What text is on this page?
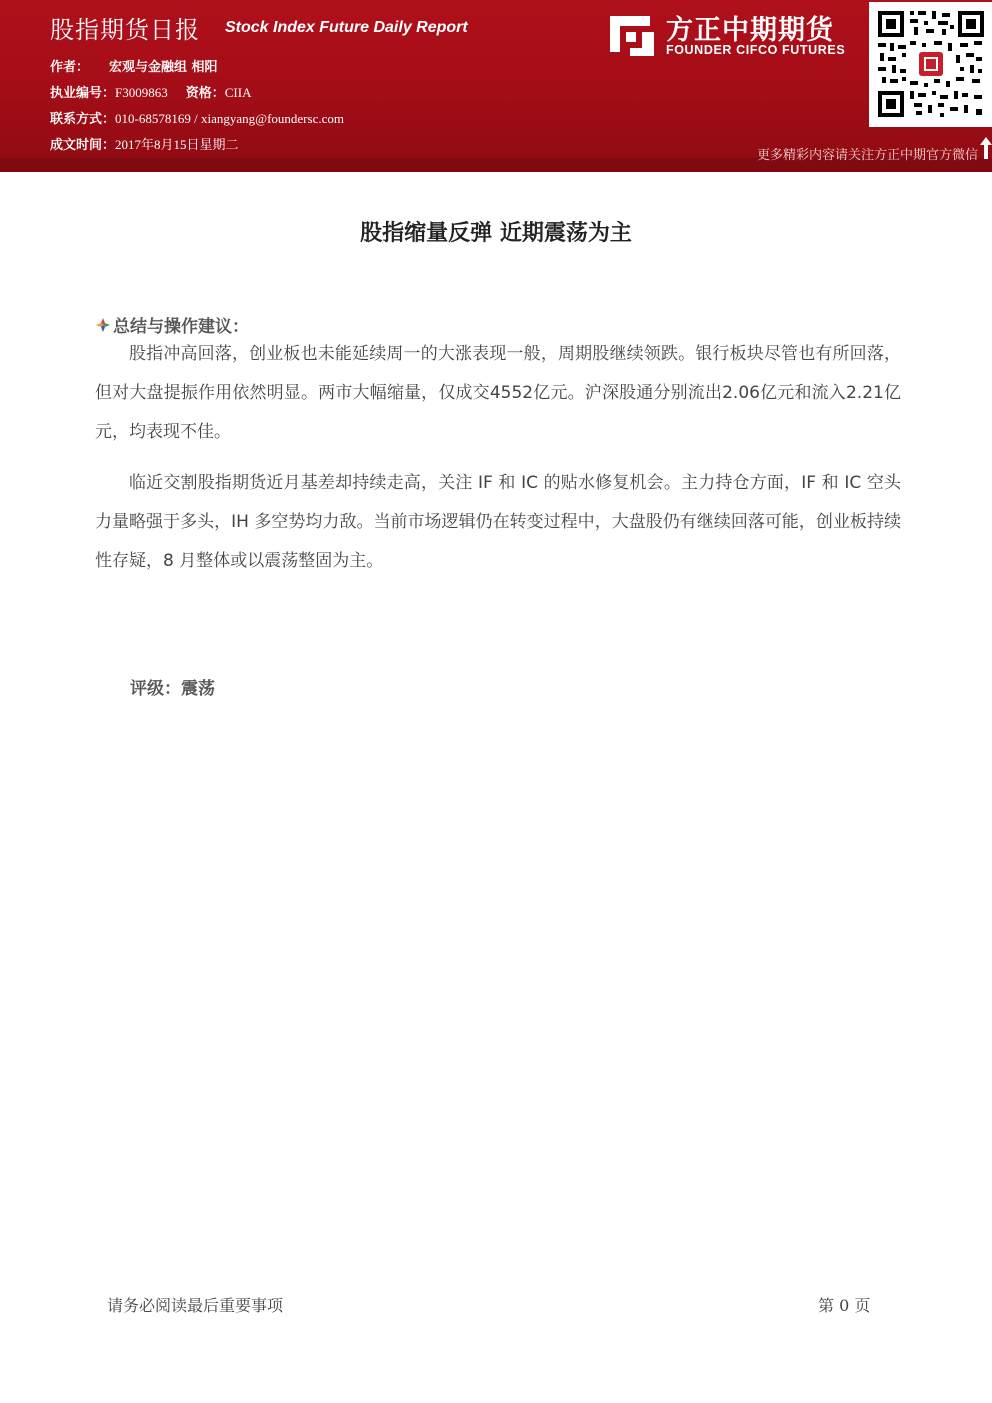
股指期货日报 Stock Index Future Daily Report
作者： 宏观与金融组 相阳
执业编号：F3009863 资格：CIIA
联系方式：010-68578169 / xiangyang@foundersc.com
成文时间：2017年8月15日星期二
方正中期期货
FOUNDER CIFCO FUTURES
更多精彩内容请关注方正中期官方微信
股指缩量反弹 近期震荡为主
总结与操作建议：
股指冲高回落，创业板也未能延续周一的大涨表现一般，周期股继续领跌。银行板块尽管也有所回落，但对大盘提振作用依然明显。两市大幅缩量，仅成交4552亿元。沪深股通分别流出2.06亿元和流入2.21亿元，均表现不佳。
临近交割股指期货近月基差却持续走高，关注 IF 和 IC 的贴水修复机会。主力持仓方面，IF 和 IC 空头力量略强于多头，IH 多空势均力敌。当前市场逻辑仍在转变过程中，大盘股仍有继续回落可能，创业板持续性存疑，8 月整体或以震荡整固为主。
评级：震荡
请务必阅读最后重要事项	第 0 页
